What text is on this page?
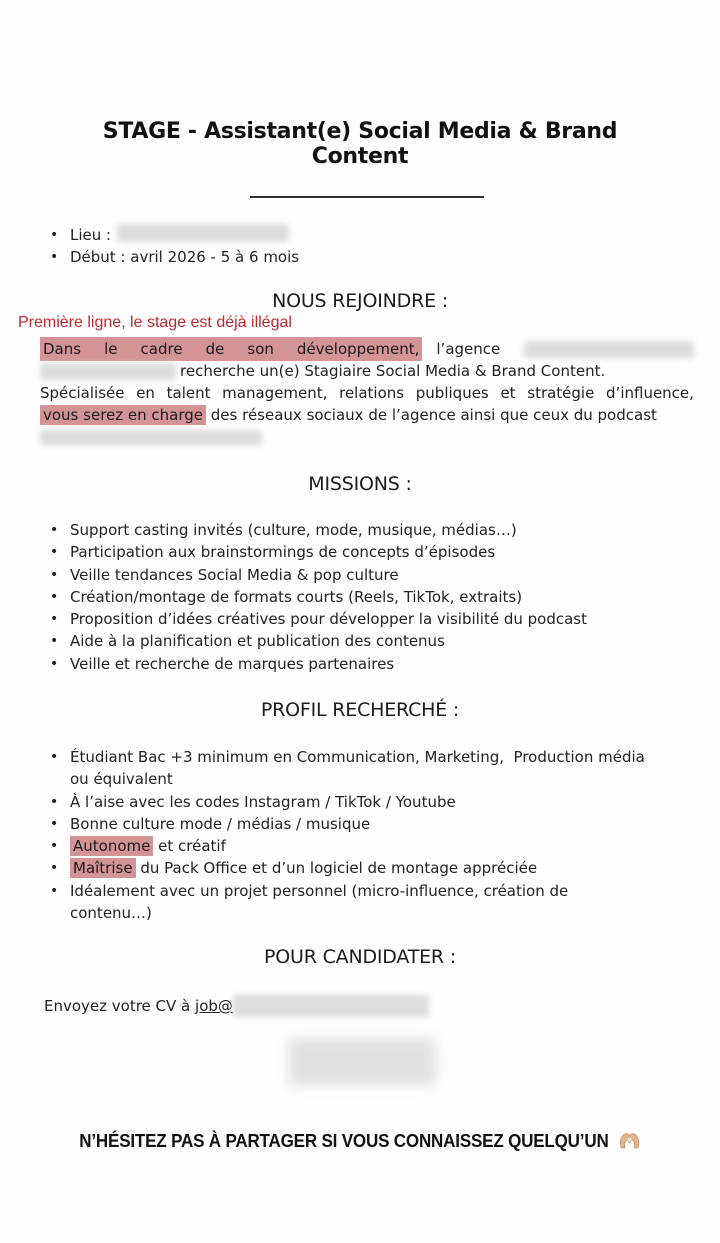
STAGE - Assistant(e) Social Media & Brand
Content
• Lieu :
• Début : avril 2026 - 5 à 6 mois
NOUS REJOINDRE :
Première ligne, le stage est déjà illégal
Dans le cadre de son développement, l’agence
recherche un(e) Stagiaire Social Media & Brand Content.
Spécialisée en talent management, relations publiques et stratégie d’influence,
vous serez en charge des réseaux sociaux de l’agence ainsi que ceux du podcast
MISSIONS :
• Support casting invités (culture, mode, musique, médias…)
• Participation aux brainstormings de concepts d’épisodes
• Veille tendances Social Media & pop culture
• Création/montage de formats courts (Reels, TikTok, extraits)
• Proposition d’idées créatives pour développer la visibilité du podcast
• Aide à la planification et publication des contenus
• Veille et recherche de marques partenaires
PROFIL RECHERCHÉ :
• Étudiant Bac +3 minimum en Communication, Marketing,  Production média
ou équivalent
• À l’aise avec les codes Instagram / TikTok / Youtube
• Bonne culture mode / médias / musique
• Autonome et créatif
• Maîtrise du Pack Office et d’un logiciel de montage appréciée
• Idéalement avec un projet personnel (micro-influence, création de
contenu…)
POUR CANDIDATER :
Envoyez votre CV à job@
N’HÉSITEZ PAS À PARTAGER SI VOUS CONNAISSEZ QUELQU’UN
